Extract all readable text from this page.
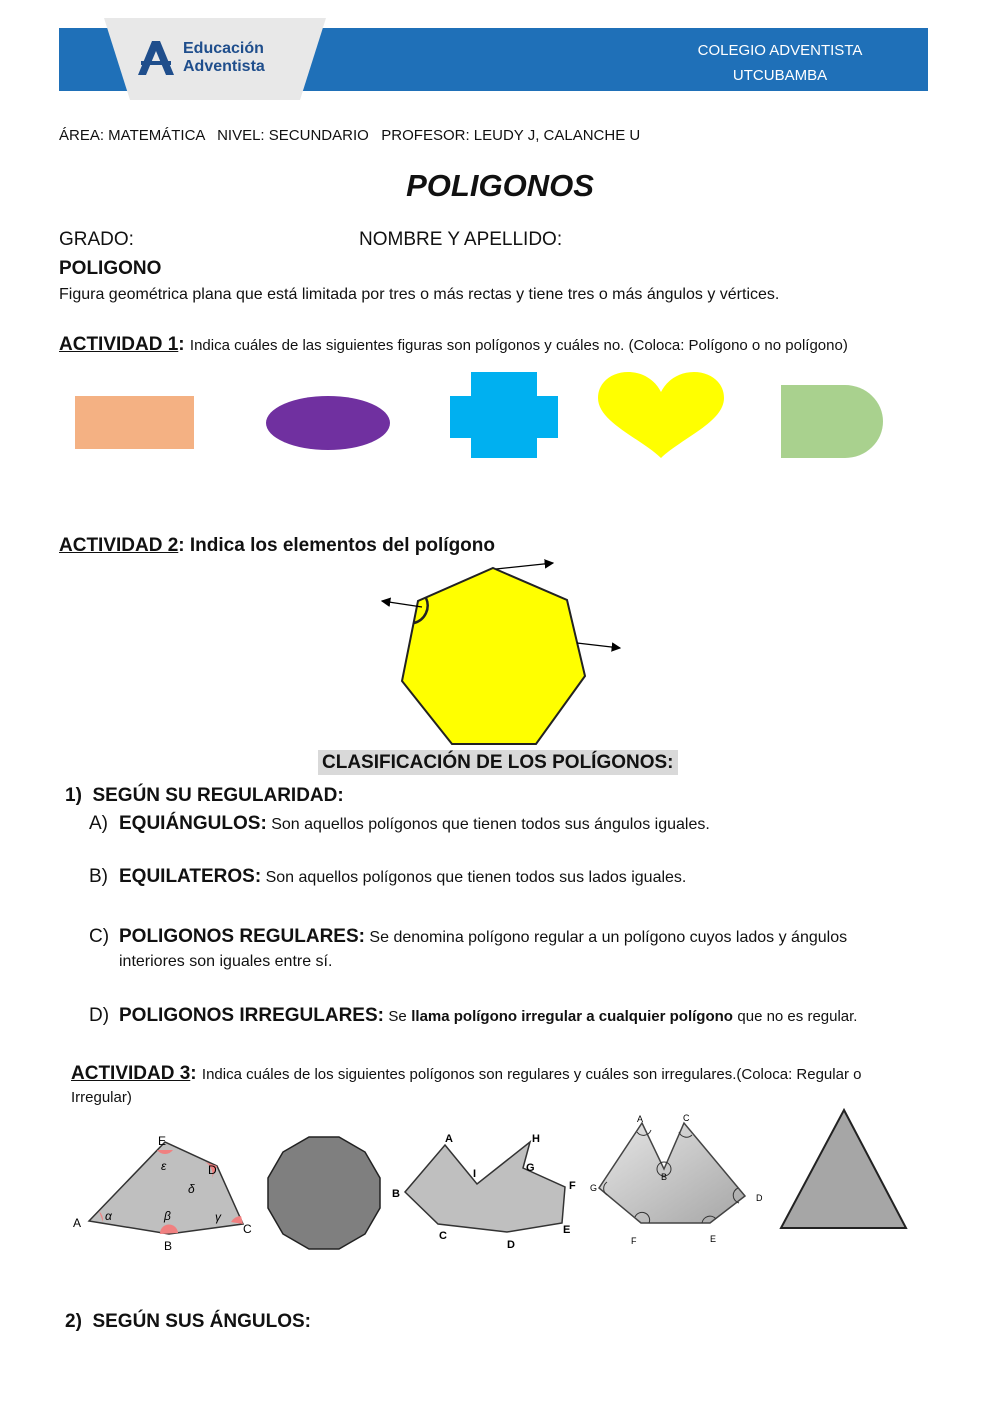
Educación
Adventista
COLEGIO ADVENTISTA
UTCUBAMBA
ÁREA: MATEMÁTICA   NIVEL: SECUNDARIO   PROFESOR: LEUDY J, CALANCHE U
POLIGONOS
GRADO:	NOMBRE Y APELLIDO:
POLIGONO
Figura geométrica plana que está limitada por tres o más rectas y tiene tres o más ángulos y vértices.
ACTIVIDAD 1: Indica cuáles de las siguientes figuras son polígonos y cuáles no. (Coloca: Polígono o no polígono)
ACTIVIDAD 2: Indica los elementos del polígono
CLASIFICACIÓN DE LOS POLÍGONOS:
1)  SEGÚN SU REGULARIDAD:
A) EQUIÁNGULOS: Son aquellos polígonos que tienen todos sus ángulos iguales.
B) EQUILATEROS: Son aquellos polígonos que tienen todos sus lados iguales.
C) POLIGONOS REGULARES: Se denomina polígono regular a un polígono cuyos lados y ángulos
interiores son iguales entre sí.
D) POLIGONOS IRREGULARES: Se llama polígono irregular a cualquier polígono que no es regular.
ACTIVIDAD 3: Indica cuáles de los siguientes polígonos son regulares y cuáles son irregulares.(Coloca: Regular o
Irregular)
A
B
C
D
E
α	β	γ
δ
ε
A
B
C
D
E
F
G
H
I
A
B
C
D
E
F
G
2)  SEGÚN SUS ÁNGULOS:
